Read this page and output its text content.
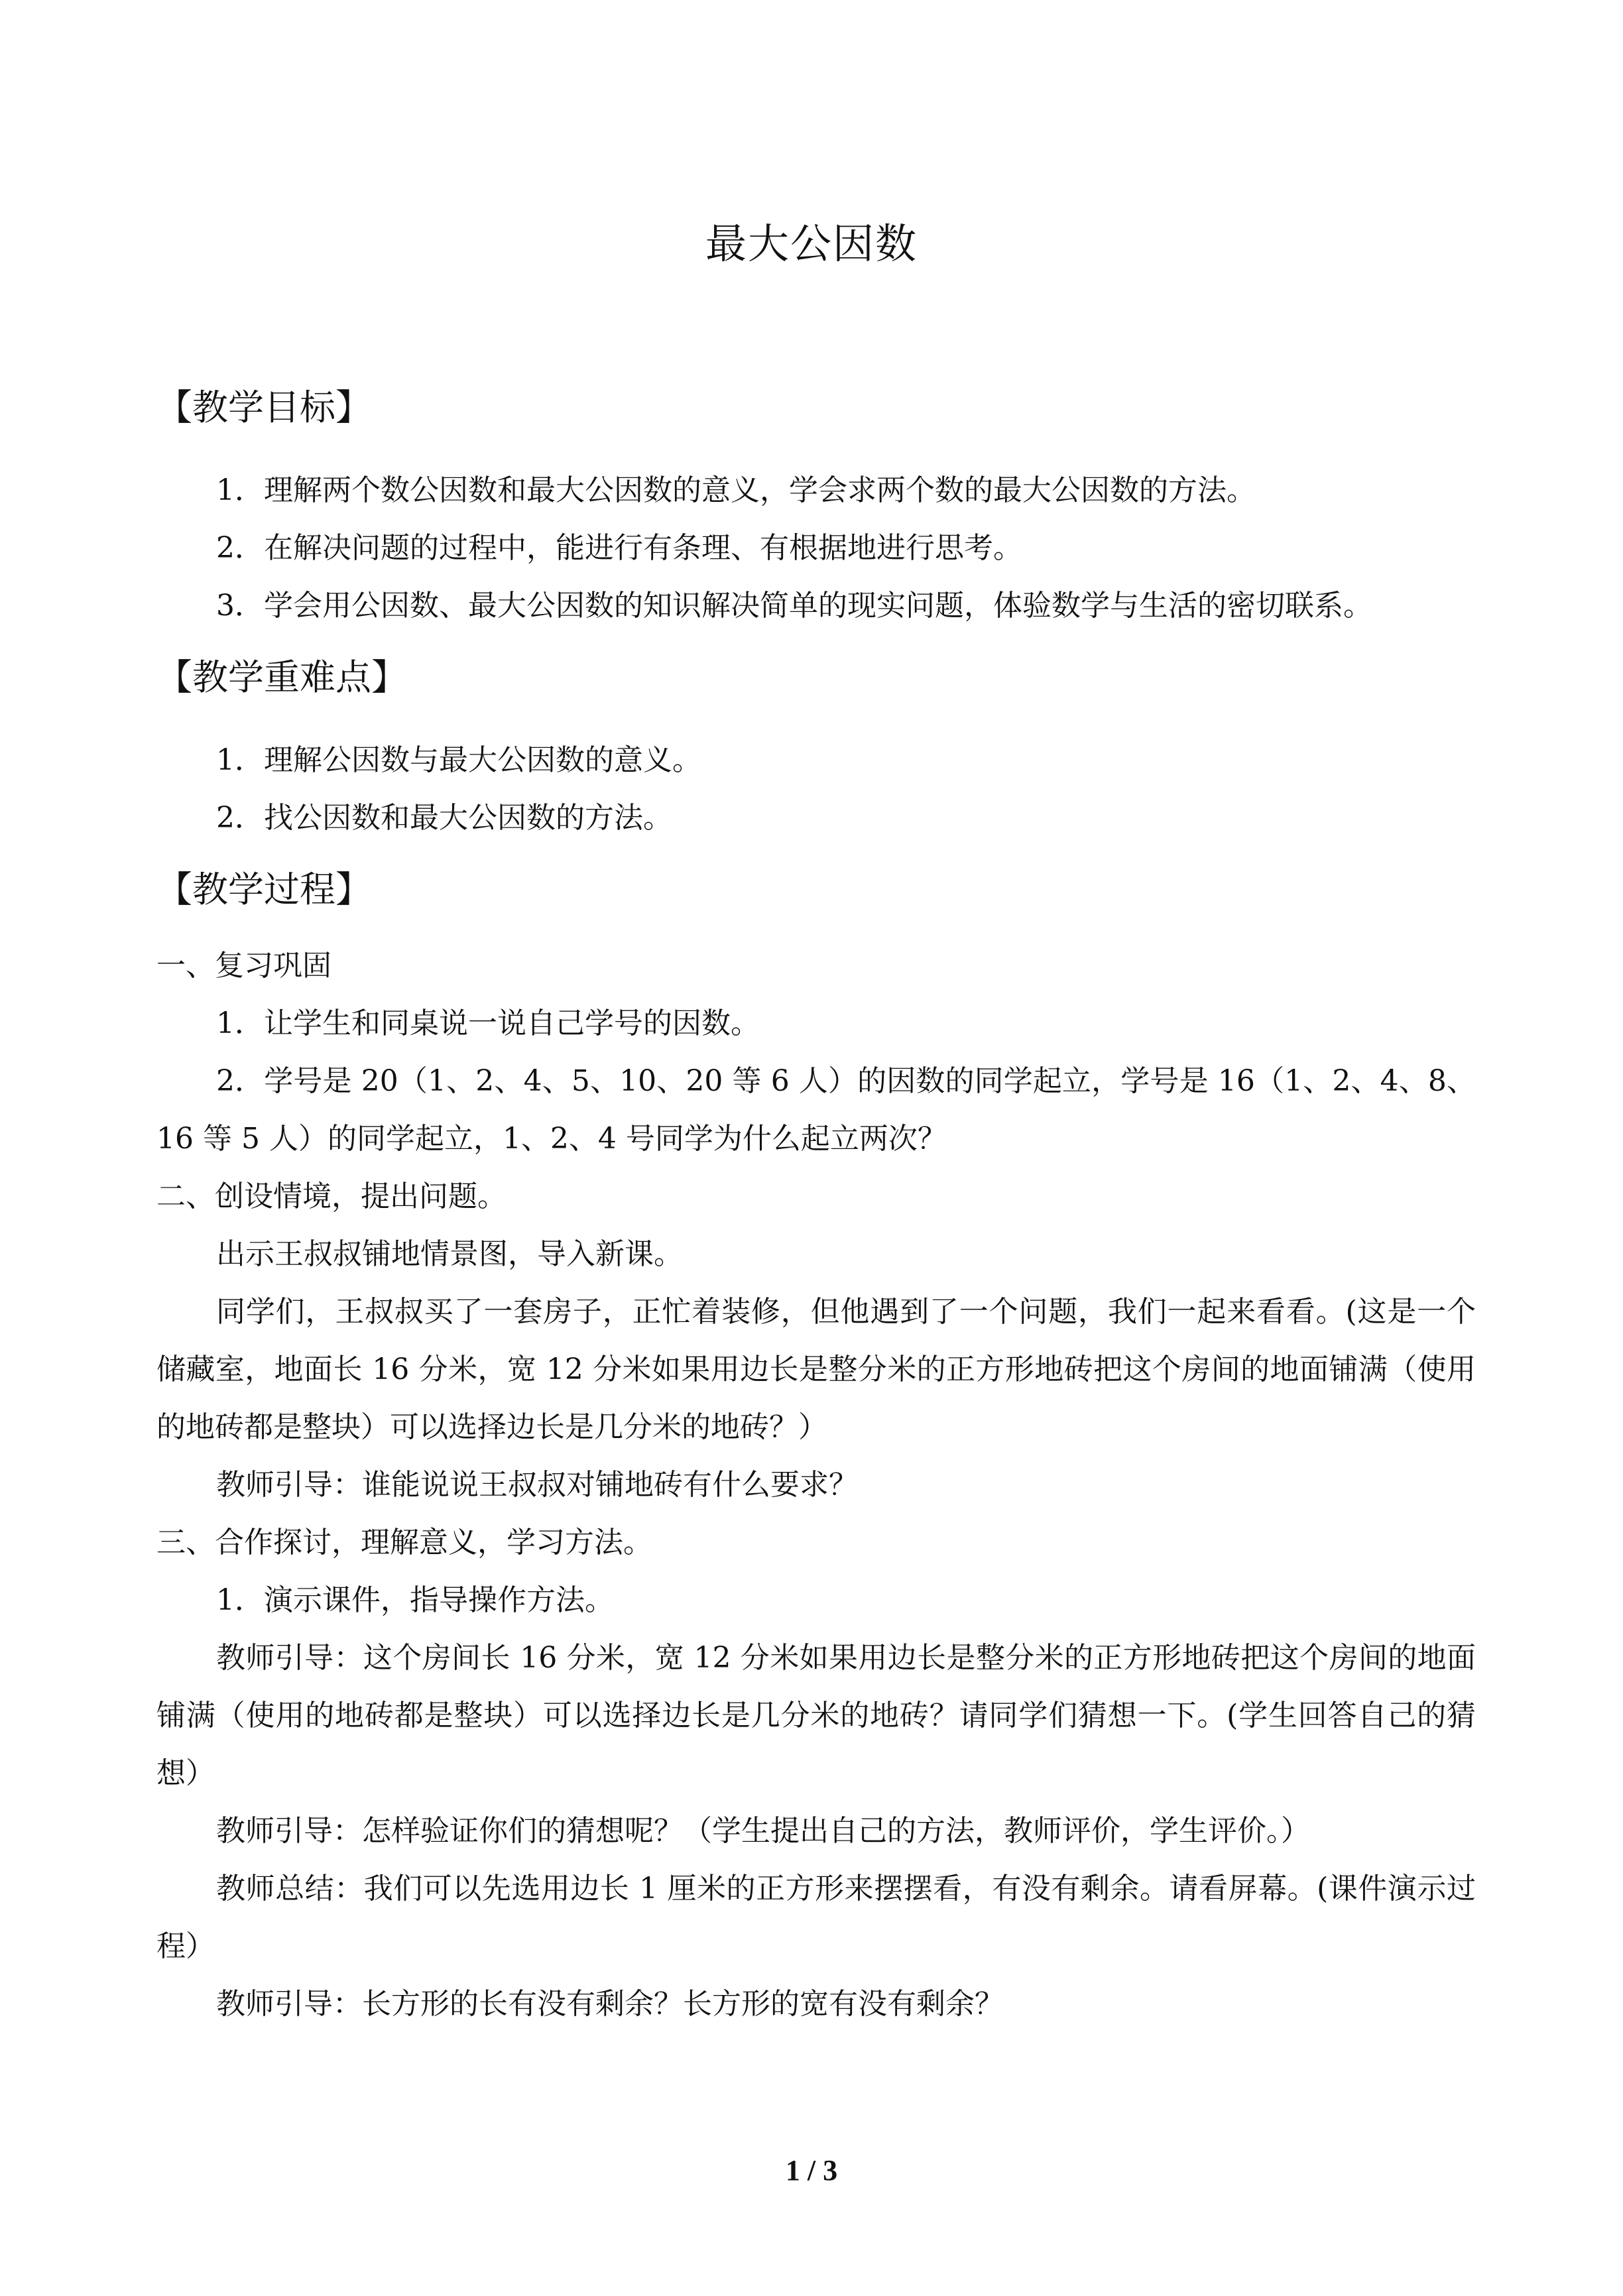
最大公因数
【教学目标】

1．理解两个数公因数和最大公因数的意义，学会求两个数的最大公因数的方法。

2．在解决问题的过程中，能进行有条理、有根据地进行思考。

3．学会用公因数、最大公因数的知识解决简单的现实问题，体验数学与生活的密切联系。

【教学重难点】

1．理解公因数与最大公因数的意义。

2．找公因数和最大公因数的方法。

【教学过程】

一、复习巩固

1．让学生和同桌说一说自己学号的因数。

2．学号是 20（1、2、4、5、10、20 等 6 人）的因数的同学起立，学号是 16（1、2、4、8、16 等 5 人）的同学起立，1、2、4 号同学为什么起立两次？

二、创设情境，提出问题。

出示王叔叔铺地情景图，导入新课。

同学们，王叔叔买了一套房子，正忙着装修，但他遇到了一个问题，我们一起来看看。(这是一个储藏室，地面长 16 分米，宽 12 分米如果用边长是整分米的正方形地砖把这个房间的地面铺满（使用的地砖都是整块）可以选择边长是几分米的地砖？）

教师引导：谁能说说王叔叔对铺地砖有什么要求？

三、合作探讨，理解意义，学习方法。

1．演示课件，指导操作方法。

教师引导：这个房间长 16 分米，宽 12 分米如果用边长是整分米的正方形地砖把这个房间的地面铺满（使用的地砖都是整块）可以选择边长是几分米的地砖？请同学们猜想一下。(学生回答自己的猜想）

教师引导：怎样验证你们的猜想呢？（学生提出自己的方法，教师评价，学生评价。）

教师总结：我们可以先选用边长 1 厘米的正方形来摆摆看，有没有剩余。请看屏幕。(课件演示过程）

教师引导：长方形的长有没有剩余？长方形的宽有没有剩余？

1 / 3
